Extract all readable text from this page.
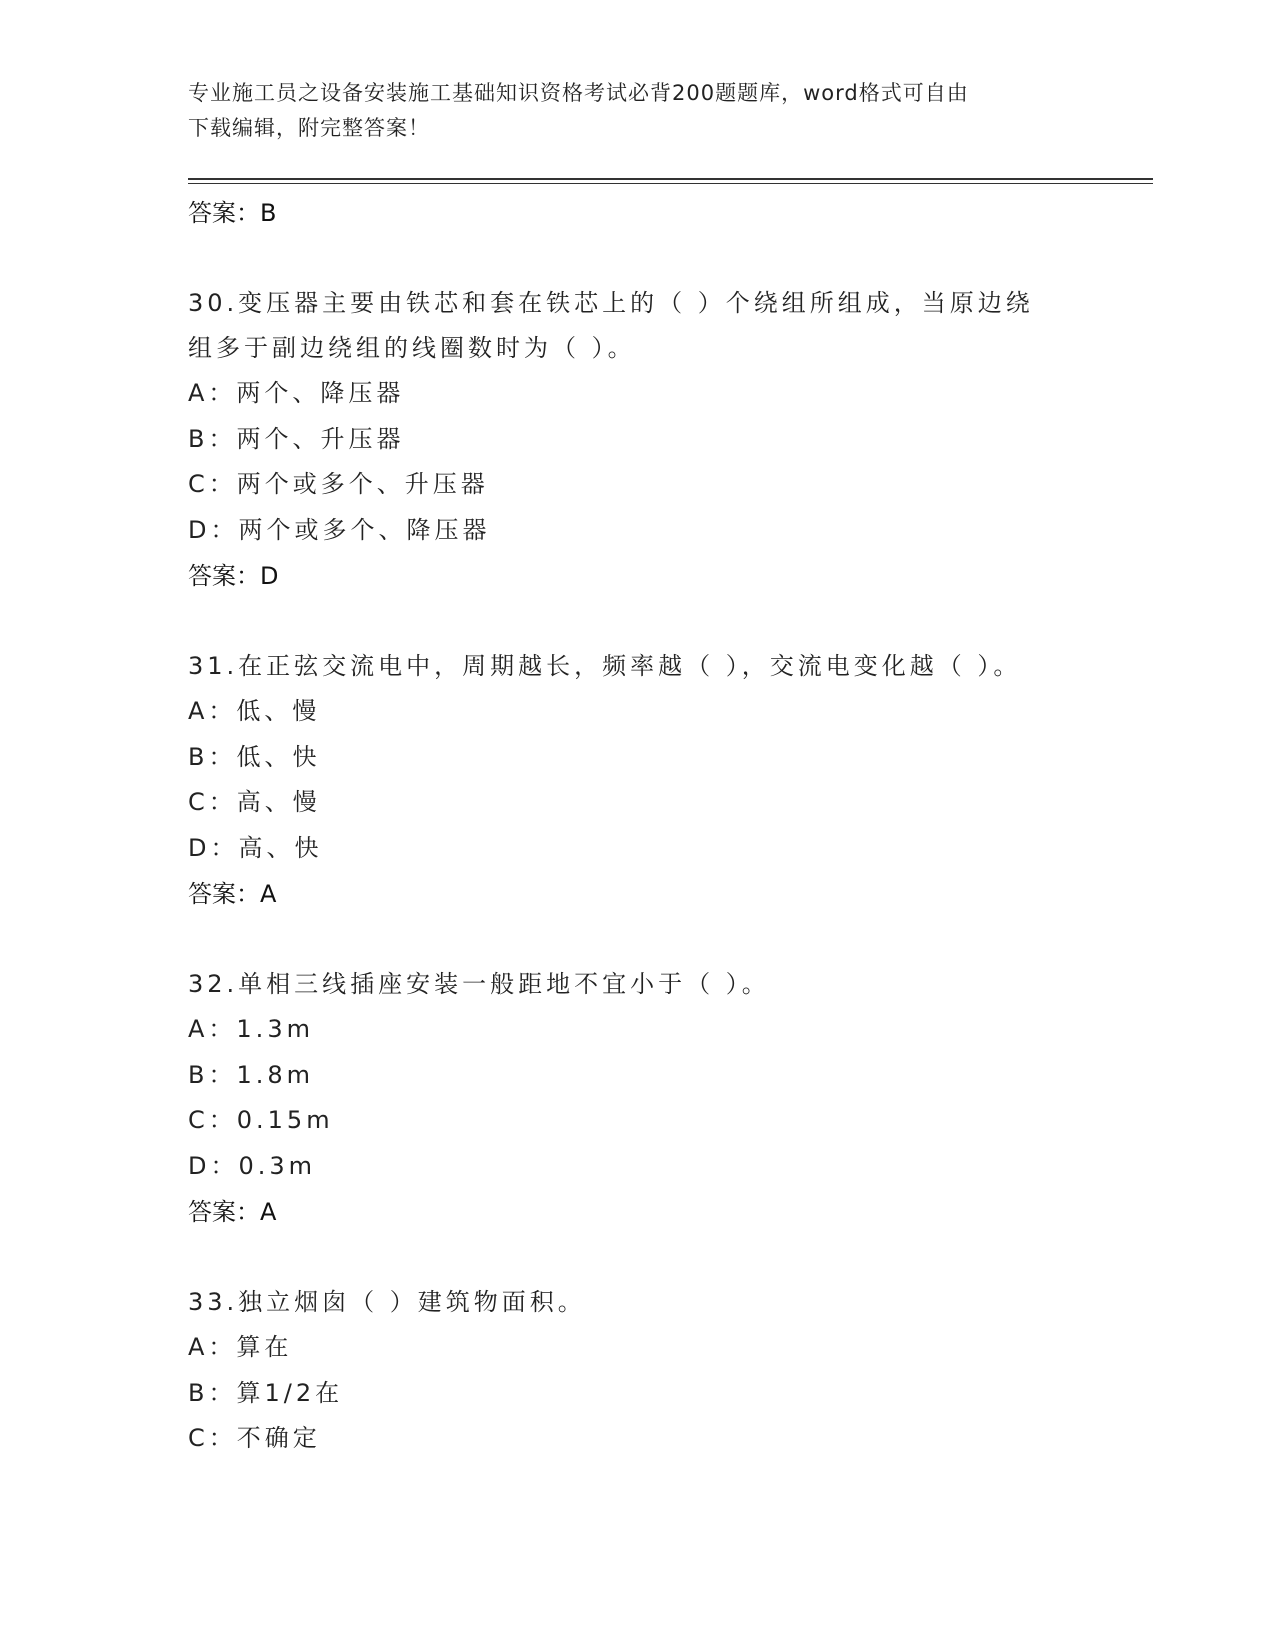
专业施工员之设备安装施工基础知识资格考试必背200题题库，word格式可自由
下载编辑，附完整答案！
答案：B
30.变压器主要由铁芯和套在铁芯上的（ ）个绕组所组成，当原边绕
组多于副边绕组的线圈数时为（ ）。
A：两个、降压器
B：两个、升压器
C：两个或多个、升压器
D：两个或多个、降压器
答案：D
31.在正弦交流电中，周期越长，频率越（ ），交流电变化越（ ）。
A：低、慢
B：低、快
C：高、慢
D：高、快
答案：A
32.单相三线插座安装一般距地不宜小于（ ）。
A：1.3m
B：1.8m
C：0.15m
D：0.3m
答案：A
33.独立烟囱（ ）建筑物面积。
A：算在
B：算1/2在
C：不确定
